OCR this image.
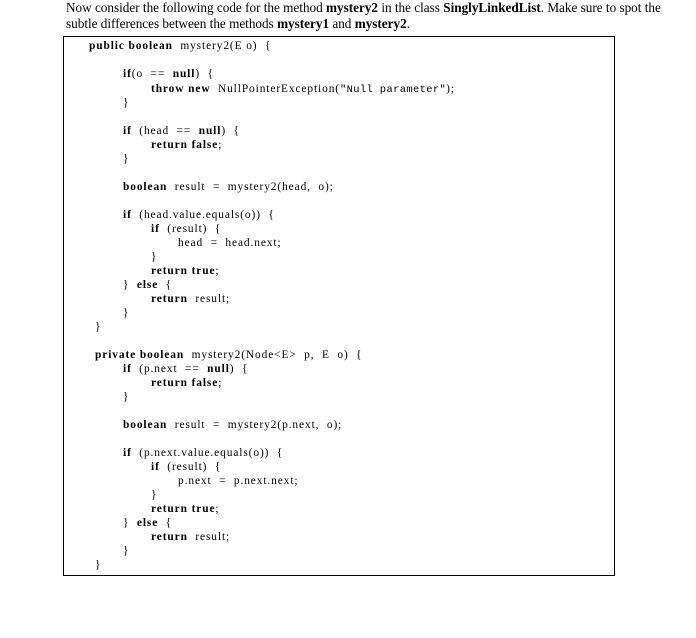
Now consider the following code for the method mystery2 in the class SinglyLinkedList. Make sure to spot the subtle differences between the methods mystery1 and mystery2.

public boolean  mystery2(E o)  {

if(o  ==  null)  {

throw new  NullPointerException("Null parameter");

}

if  (head  ==  null)  {

return false;

}

boolean  result  =  mystery2(head,  o);

if  (head.value.equals(o))  {

if  (result)  {

head  =  head.next;

}

return true;

}  else  {

return  result;

}

}

private boolean  mystery2(Node<E>  p,  E  o)  {

if  (p.next  ==  null)  {

return false;

}

boolean  result  =  mystery2(p.next,  o);

if  (p.next.value.equals(o))  {

if  (result)  {

p.next  =  p.next.next;

}

return true;

}  else  {

return  result;

}

}
